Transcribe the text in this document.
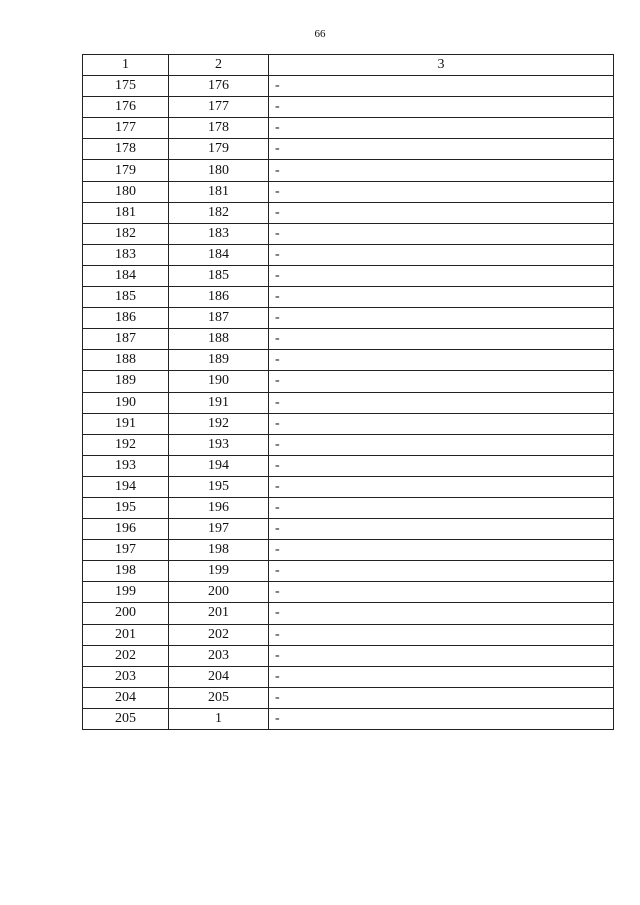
66
1	2	3
175	176	-
176	177	-
177	178	-
178	179	-
179	180	-
180	181	-
181	182	-
182	183	-
183	184	-
184	185	-
185	186	-
186	187	-
187	188	-
188	189	-
189	190	-
190	191	-
191	192	-
192	193	-
193	194	-
194	195	-
195	196	-
196	197	-
197	198	-
198	199	-
199	200	-
200	201	-
201	202	-
202	203	-
203	204	-
204	205	-
205	1	-
